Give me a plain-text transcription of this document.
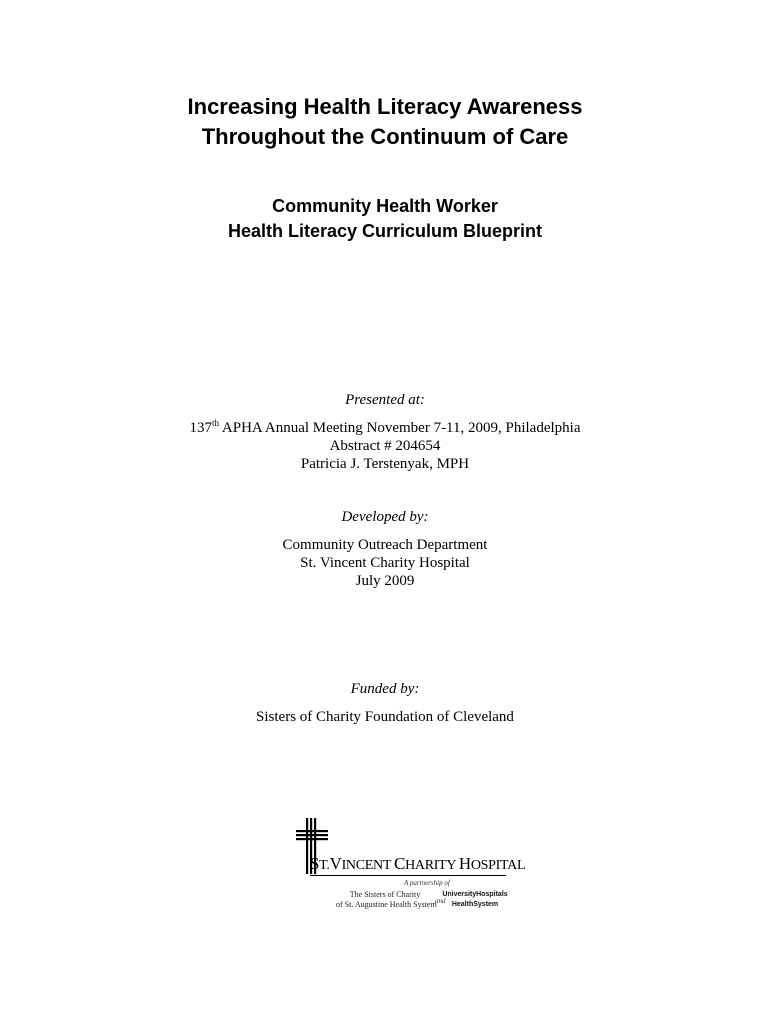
Increasing Health Literacy Awareness
Throughout the Continuum of Care
Community Health Worker
Health Literacy Curriculum Blueprint
Presented at:
137th APHA Annual Meeting November 7-11, 2009, Philadelphia
Abstract # 204654
Patricia J. Terstenyak, MPH
Developed by:
Community Outreach Department
St. Vincent Charity Hospital
July 2009
Funded by:
Sisters of Charity Foundation of Cleveland
ST.VINCENT CHARITY HOSPITAL
A partnership of
The Sisters of Charity
of St. Augustine Health System
and
UniversityHospitals
HealthSystem
